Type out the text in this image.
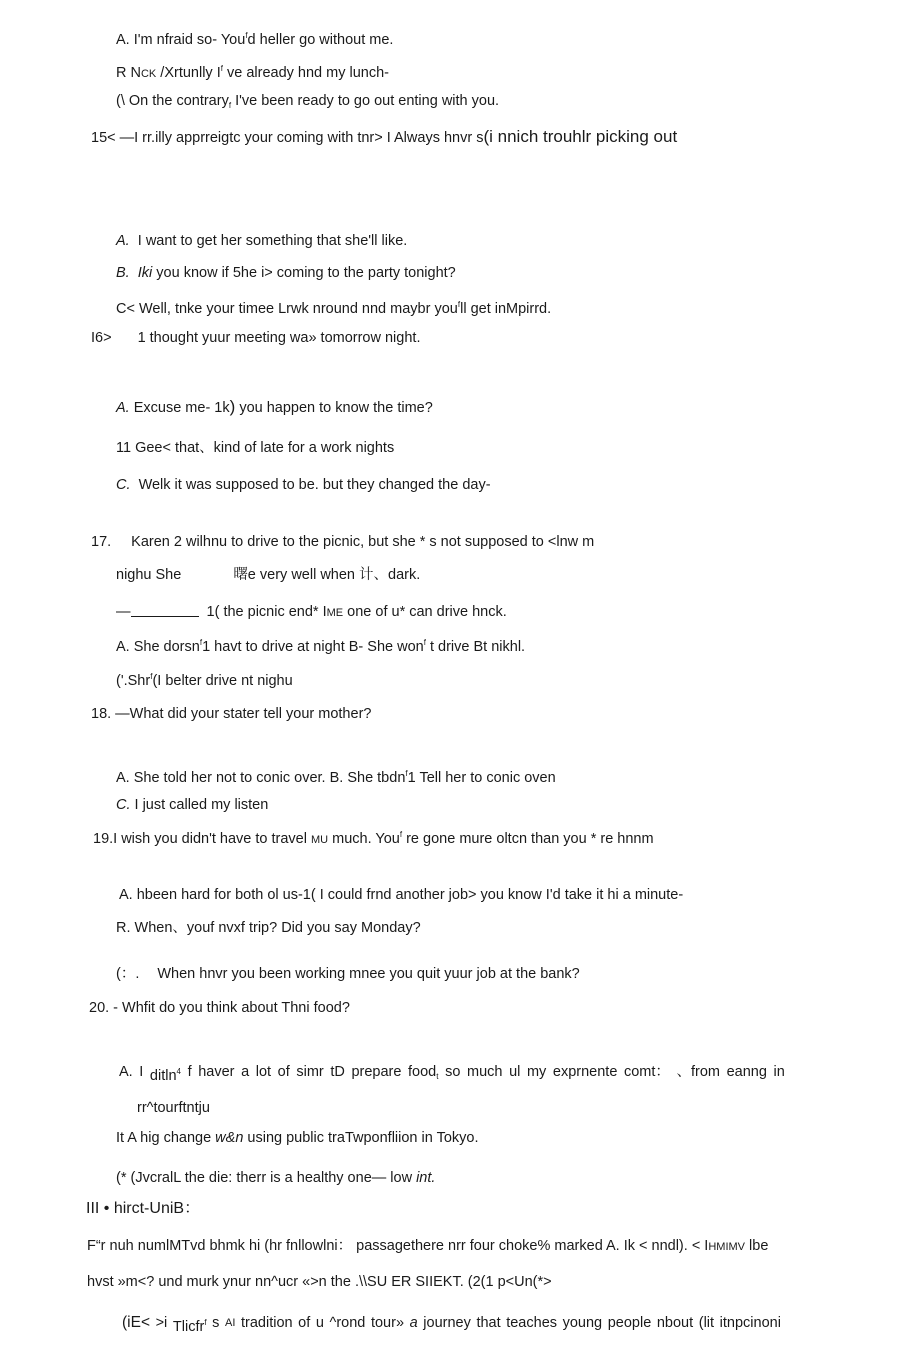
A. I'm nfraid so- You$^f$d heller go without me.
R NCK /Xrtunlly $I^f$ ve already hnd my lunch-
(\ On the contrary$_f$ I've been ready to go out enting with you.
15< —I rr.illy apprreigtc your coming with tnr> I Always hnvr s(i nnich trouhlr picking out
A. I want to get her something that she'll like.
B. Iki you know if 5he i> coming to the party tonight?
C< Well, tnke your timee Lrwk nround nnd maybr you$^f$ll get inMpirrd.
I6> 1 thought yuur meeting wa» tomorrow night.
A. Excuse me- 1k) you happen to know the time?
11 Gee< that、kind of late for a work nights
C. Welk it was supposed to be. but they changed the day-
17. Karen 2 wilhnu to drive to the picnic, but she * s not supposed to <lnw m
nighu She	曙e very well when 计、dark.
—	1( the picnic end* IME one of u* can drive hnck.
A. She dorsn$^f$1 havt to drive at night B- She won$^f$ t drive Bt nikhl.
('.Shr$^f$(I belter drive nt nighu
18. —What did your stater tell your mother?
A. She told her not to conic over. B. She tbdn$^f$1 Tell her to conic oven
C. I just called my listen
19.I wish you didn't have to travel MU much. You$^f$ re gone mure oltcn than you * re hnnm
A. hbeen hard for both ol us-1( I could frnd another job> you know I'd take it hi a minute-
R. When、youf nvxf trip? Did you say Monday?
(：. When hnvr you been working mnee you quit yuur job at the bank?
20. - Whfit do you think about Thni food?
A. I ditln$^4$ f haver a lot of simr tD prepare food$_t$ so much ul my exprnente comt： 、from eanng in
rr^tourftntju
It A hig change w&n using public traTwponfliion in Tokyo.
(* (JvcralL the die: therr is a healthy one— low int.
III • hirct-UniB：
F“r nuh numlMTvd bhmk hi (hr fnllowlni： passagethere nrr four choke% marked A. Ik < nndl). < IHMIMV lbe
hvst »m<? und murk ynur nn^ucr «>n the .\\SU ER SIIEKT. (2(1 p<Un(*>
(iE< >i Tlicfr$^f$ s AI tradition of u ^rond tour» a journey that teaches young people nbout (lit itnpcinoni
